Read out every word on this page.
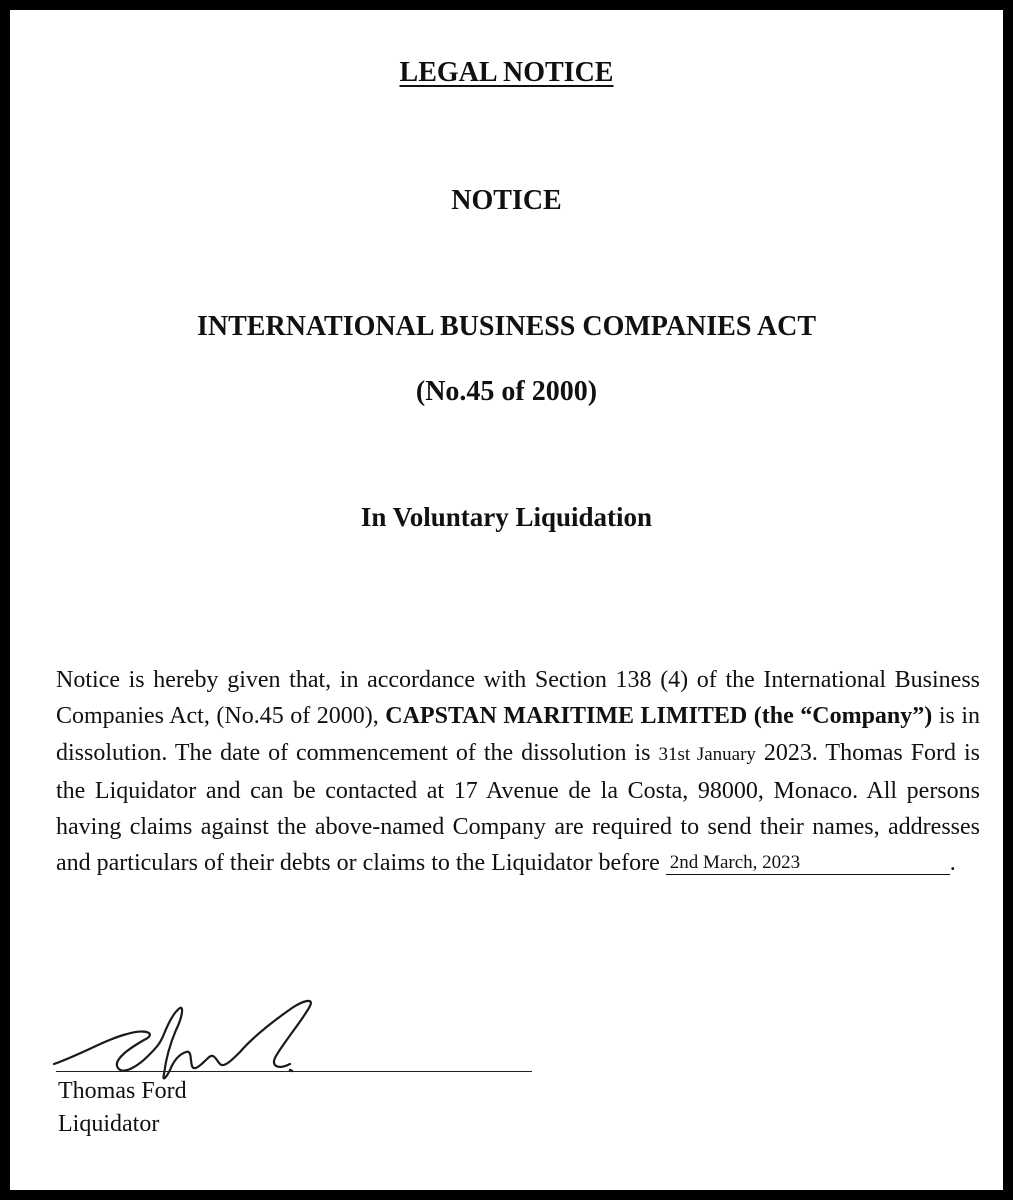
LEGAL NOTICE
NOTICE
INTERNATIONAL BUSINESS COMPANIES ACT
(No.45 of 2000)
In Voluntary Liquidation

Notice is hereby given that, in accordance with Section 138 (4) of the International Business Companies Act, (No.45 of 2000), CAPSTAN MARITIME LIMITED (the “Company”) is in dissolution. The date of commencement of the dissolution is 31st January 2023. Thomas Ford is the Liquidator and can be contacted at 17 Avenue de la Costa, 98000, Monaco. All persons having claims against the above-named Company are required to send their names, addresses and particulars of their debts or claims to the Liquidator before 2nd March, 2023	.

Thomas Ford
Liquidator
